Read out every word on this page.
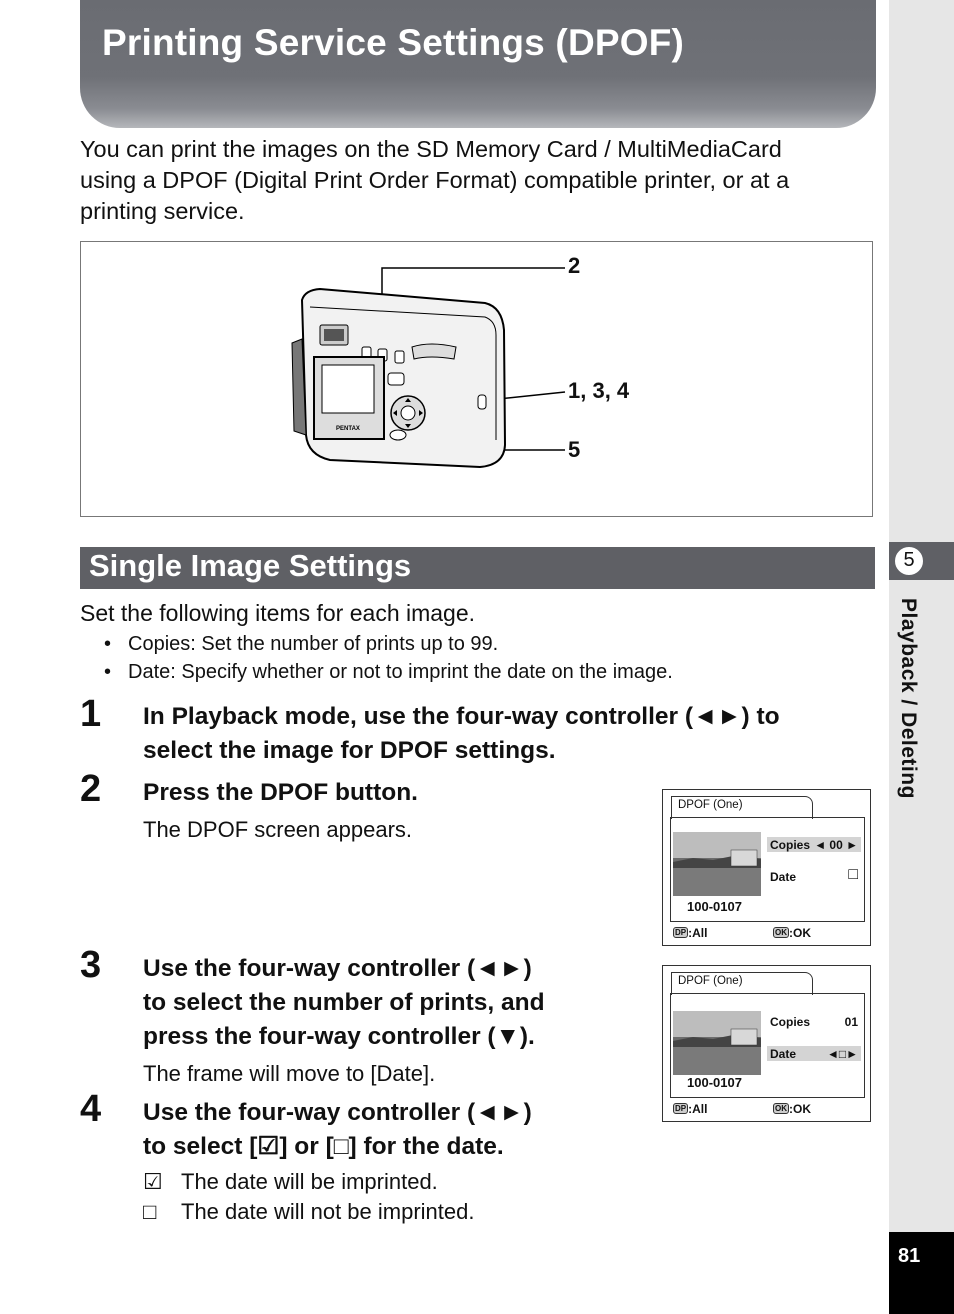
Printing Service Settings (DPOF)
You can print the images on the SD Memory Card / MultiMediaCard
using a DPOF (Digital Print Order Format) compatible printer, or at a
printing service.
PENTAX
2
1, 3, 4
5
Single Image Settings
Set the following items for each image.
• Copies: Set the number of prints up to 99.
• Date: Specify whether or not to imprint the date on the image.
1 In Playback mode, use the four-way controller (◄►) to
select the image for DPOF settings.
2 Press the DPOF button.
The DPOF screen appears.
3 Use the four-way controller (◄►)
to select the number of prints, and
press the four-way controller (▼).
The frame will move to [Date].
4 Use the four-way controller (◄►)
to select [☑] or [□] for the date.
☑ The date will be imprinted.
□ The date will not be imprinted.
DPOF (One)
Copies ◄ 00 ►
Date	□
100-0107
DP :All	OK :OK
DPOF (One)
Copies	01
Date	◄□►
100-0107
DP :All	OK :OK
5
Playback / Deleting
81
